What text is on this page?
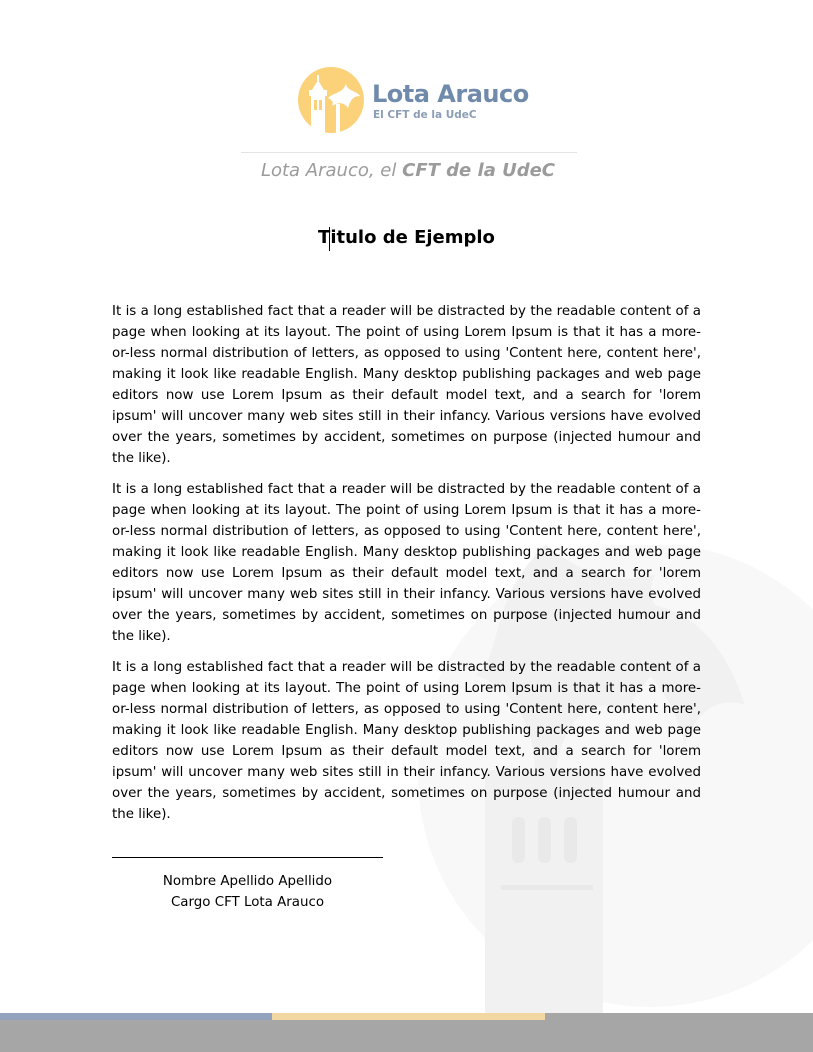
Lota Arauco
El CFT de la UdeC
Lota Arauco, el CFT de la UdeC
Titulo de Ejemplo

It is a long established fact that a reader will be distracted by the readable content of a page when looking at its layout. The point of using Lorem Ipsum is that it has a more-or-less normal distribution of letters, as opposed to using 'Content here, content here', making it look like readable English. Many desktop publishing packages and web page editors now use Lorem Ipsum as their default model text, and a search for 'lorem ipsum' will uncover many web sites still in their infancy. Various versions have evolved over the years, sometimes by accident, sometimes on purpose (injected humour and the like).

It is a long established fact that a reader will be distracted by the readable content of a page when looking at its layout. The point of using Lorem Ipsum is that it has a more-or-less normal distribution of letters, as opposed to using 'Content here, content here', making it look like readable English. Many desktop publishing packages and web page editors now use Lorem Ipsum as their default model text, and a search for 'lorem ipsum' will uncover many web sites still in their infancy. Various versions have evolved over the years, sometimes by accident, sometimes on purpose (injected humour and the like).

It is a long established fact that a reader will be distracted by the readable content of a page when looking at its layout. The point of using Lorem Ipsum is that it has a more-or-less normal distribution of letters, as opposed to using 'Content here, content here', making it look like readable English. Many desktop publishing packages and web page editors now use Lorem Ipsum as their default model text, and a search for 'lorem ipsum' will uncover many web sites still in their infancy. Various versions have evolved over the years, sometimes by accident, sometimes on purpose (injected humour and the like).

Nombre Apellido Apellido
Cargo CFT Lota Arauco
